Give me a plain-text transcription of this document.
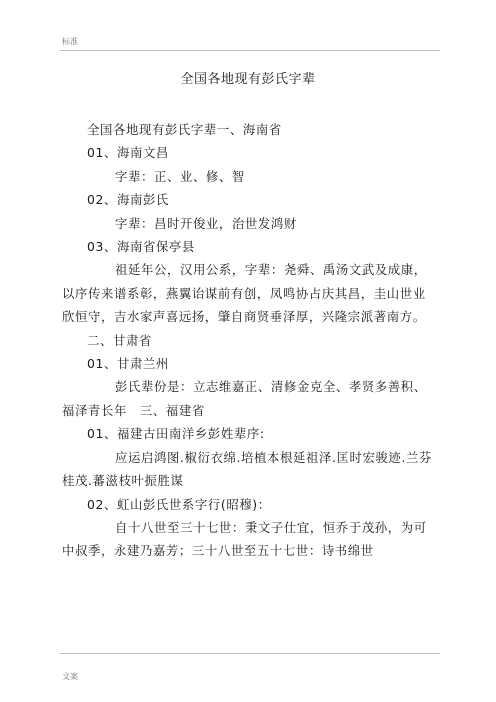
标准
全国各地现有彭氏字辈

全国各地现有彭氏字辈一、海南省

01、海南文昌

字辈：正、业、修、智

02、海南彭氏

字辈：昌时开俊业，治世发鸿财

03、海南省保亭县

祖延年公，汉用公系，字辈：尧舜、禹汤文武及成康，以序传来谱系彰，燕翼诒谋前有创，凤鸣协占庆其昌，圭山世业欣恒守，吉水家声喜远扬，肇自商贤垂泽厚，兴隆宗派著南方。

二、甘肃省

01、甘肃兰州

彭氏辈份是：立志维嘉正、清修金克全、孝贤多善积、福泽青长年　三、福建省

01、福建古田南洋乡彭姓辈序:

应运启鸿图.椒衍衣绵.培植本根延祖泽.匡时宏骏迹.兰芬桂茂.蕃滋枝叶振胜谋

02、虹山彭氏世系字行(昭穆)：

自十八世至三十七世：秉文子仕宜，恒乔于茂孙，为可中叔季，永建乃嘉芳；三十八世至五十七世：诗书绵世

文案
